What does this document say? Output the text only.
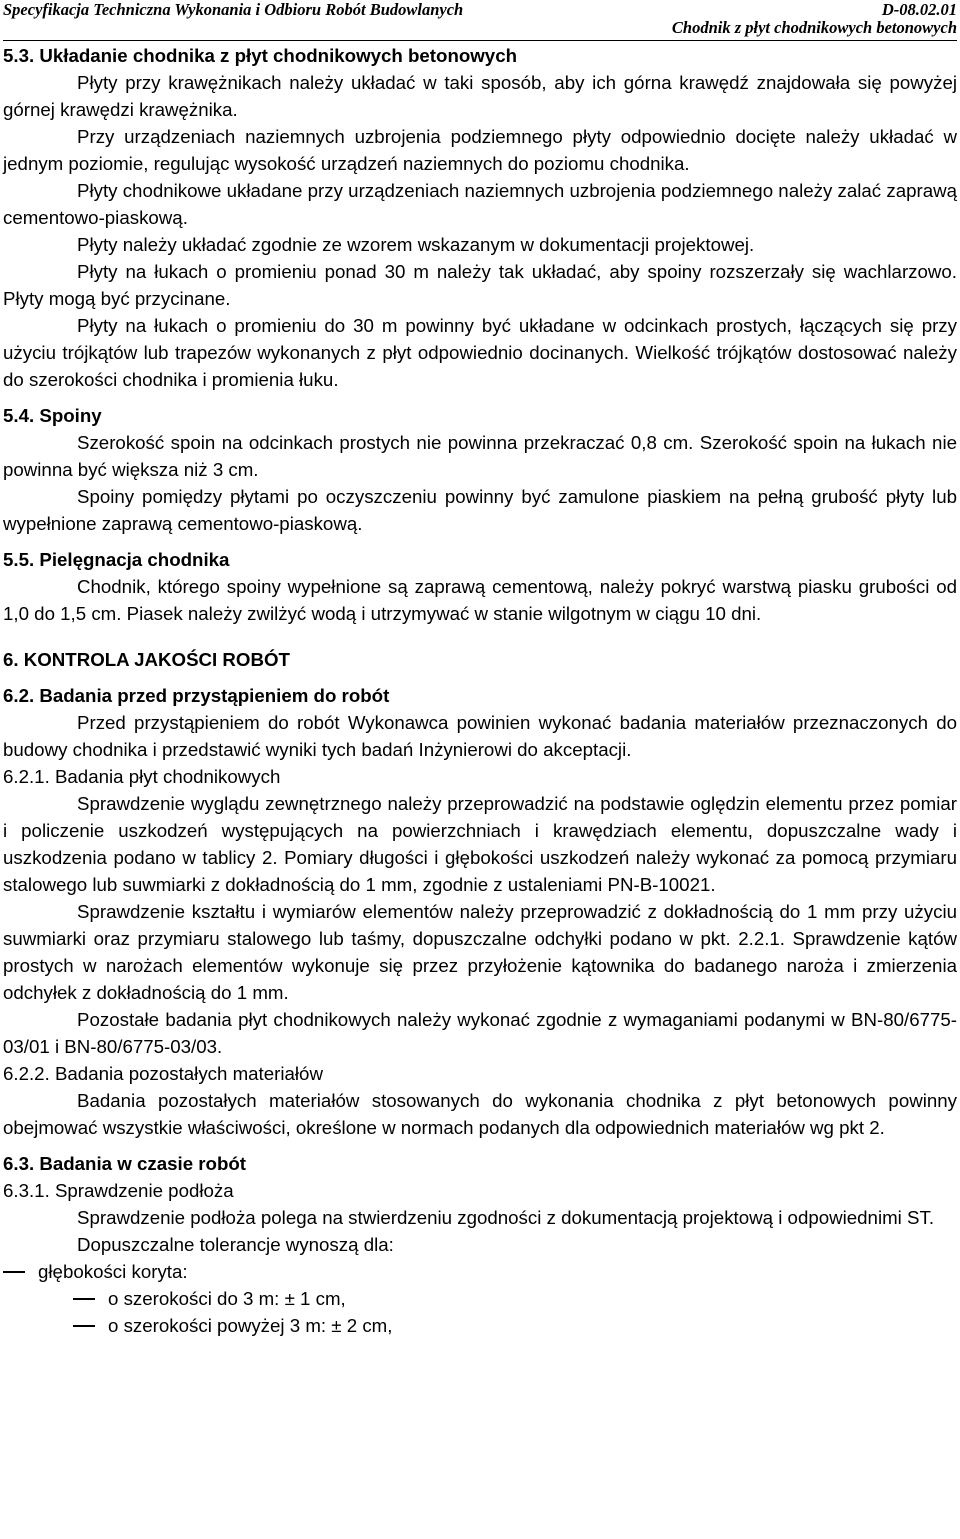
Specyfikacja Techniczna Wykonania i Odbioru Robót Budowlanych	D-08.02.01
Chodnik z płyt chodnikowych betonowych
5.3. Układanie chodnika z płyt chodnikowych betonowych

Płyty przy krawężnikach należy układać w taki sposób, aby ich górna krawędź znajdowała się powyżej górnej krawędzi krawężnika.

Przy urządzeniach naziemnych uzbrojenia podziemnego płyty odpowiednio docięte należy układać w jednym poziomie, regulując wysokość urządzeń naziemnych do poziomu chodnika.

Płyty chodnikowe układane przy urządzeniach naziemnych uzbrojenia podziemnego należy zalać zaprawą cementowo-piaskową.

Płyty należy układać zgodnie ze wzorem wskazanym w dokumentacji projektowej.

Płyty na łukach o promieniu ponad 30 m należy tak układać, aby spoiny rozszerzały się wachlarzowo. Płyty mogą być przycinane.

Płyty na łukach o promieniu do 30 m powinny być układane w odcinkach prostych, łączących się przy użyciu trójkątów lub trapezów wykonanych z płyt odpowiednio docinanych. Wielkość trójkątów dostosować należy do szerokości chodnika i promienia łuku.

5.4. Spoiny

Szerokość spoin na odcinkach prostych nie powinna przekraczać 0,8 cm. Szerokość spoin na łukach nie powinna być większa niż 3 cm.

Spoiny pomiędzy płytami po oczyszczeniu powinny być zamulone piaskiem na pełną grubość płyty lub wypełnione zaprawą cementowo-piaskową.

5.5. Pielęgnacja chodnika

Chodnik, którego spoiny wypełnione są zaprawą cementową, należy pokryć warstwą piasku grubości od 1,0 do 1,5 cm. Piasek należy zwilżyć wodą i utrzymywać w stanie wilgotnym w ciągu 10 dni.

6. KONTROLA JAKOŚCI ROBÓT
6.2. Badania przed przystąpieniem do robót

Przed przystąpieniem do robót Wykonawca powinien wykonać badania materiałów przeznaczonych do budowy chodnika i przedstawić wyniki tych badań Inżynierowi do akceptacji.

6.2.1. Badania płyt chodnikowych

Sprawdzenie wyglądu zewnętrznego należy przeprowadzić na podstawie oględzin elementu przez pomiar i policzenie uszkodzeń występujących na powierzchniach i krawędziach elementu, dopuszczalne wady i uszkodzenia podano w tablicy 2. Pomiary długości i głębokości uszkodzeń należy wykonać za pomocą przymiaru stalowego lub suwmiarki z dokładnością do 1 mm, zgodnie z ustaleniami PN-B-10021.

Sprawdzenie kształtu i wymiarów elementów należy przeprowadzić z dokładnością do 1 mm przy użyciu suwmiarki oraz przymiaru stalowego lub taśmy, dopuszczalne odchyłki podano w pkt. 2.2.1. Sprawdzenie kątów prostych w narożach elementów wykonuje się przez przyłożenie kątownika do badanego naroża i zmierzenia odchyłek z dokładnością do 1 mm.

Pozostałe badania płyt chodnikowych należy wykonać zgodnie z wymaganiami podanymi w BN-80/6775-03/01 i BN-80/6775-03/03.

6.2.2. Badania pozostałych materiałów

Badania pozostałych materiałów stosowanych do wykonania chodnika z płyt betonowych powinny obejmować wszystkie właściwości, określone w normach podanych dla odpowiednich materiałów wg pkt 2.

6.3. Badania w czasie robót

6.3.1. Sprawdzenie podłoża

Sprawdzenie podłoża polega na stwierdzeniu zgodności z dokumentacją projektową i odpowiednimi ST.

Dopuszczalne tolerancje wynoszą dla:

głębokości koryta:

o szerokości do 3 m: ± 1 cm,

o szerokości powyżej 3 m: ± 2 cm,
